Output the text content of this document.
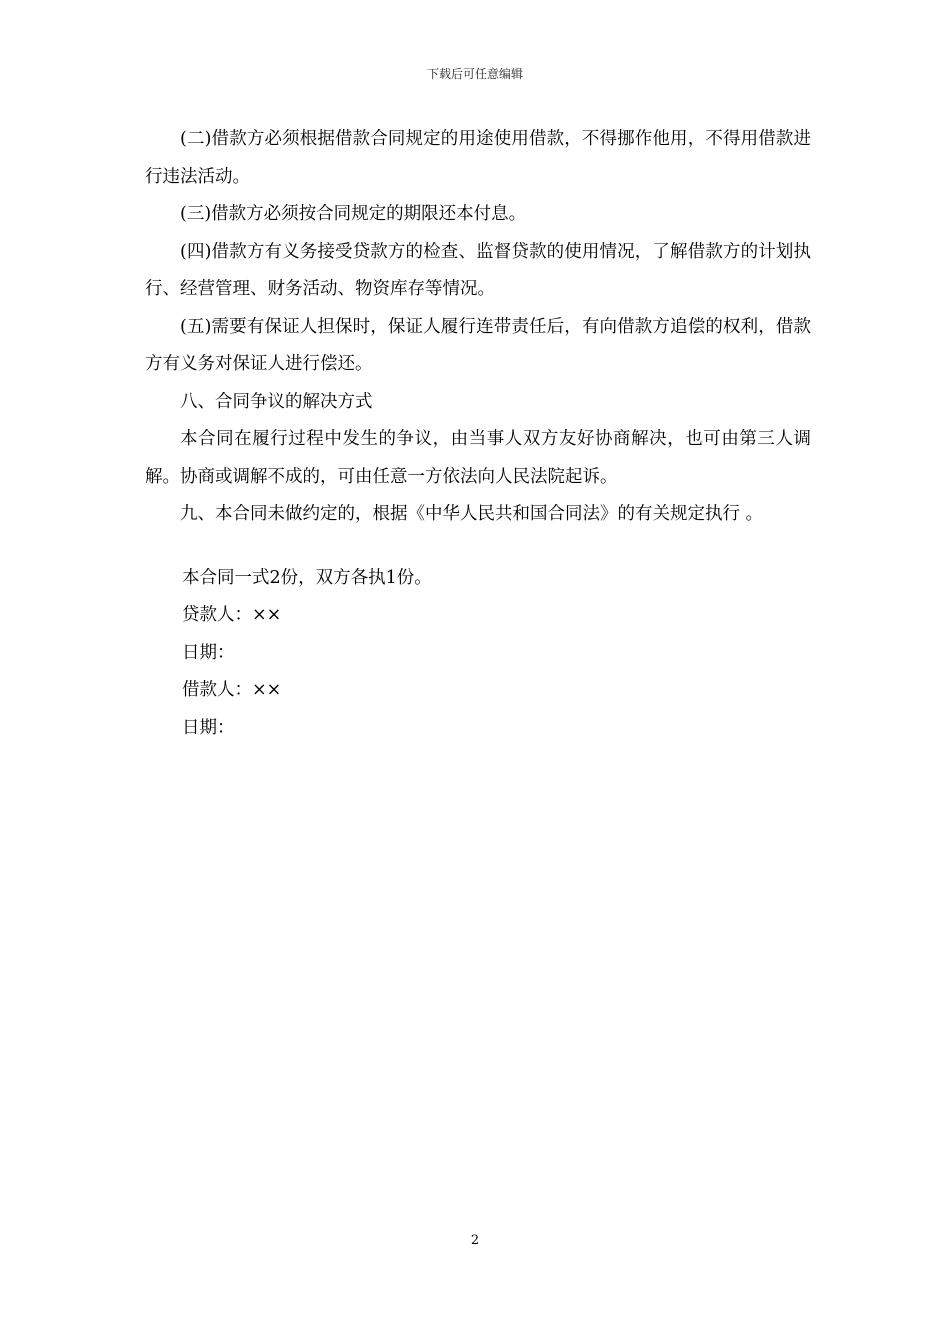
下载后可任意编辑

(二)借款方必须根据借款合同规定的用途使用借款，不得挪作他用，不得用借款进行违法活动。

(三)借款方必须按合同规定的期限还本付息。

(四)借款方有义务接受贷款方的检查、监督贷款的使用情况，了解借款方的计划执行、经营管理、财务活动、物资库存等情况。

(五)需要有保证人担保时，保证人履行连带责任后，有向借款方追偿的权利，借款方有义务对保证人进行偿还。

八、合同争议的解决方式

本合同在履行过程中发生的争议，由当事人双方友好协商解决，也可由第三人调解。协商或调解不成的，可由任意一方依法向人民法院起诉。

九、本合同未做约定的，根据《中华人民共和国合同法》的有关规定执行 。

本合同一式2份，双方各执1份。
贷款人：××
日期：
借款人：××
日期：
2
